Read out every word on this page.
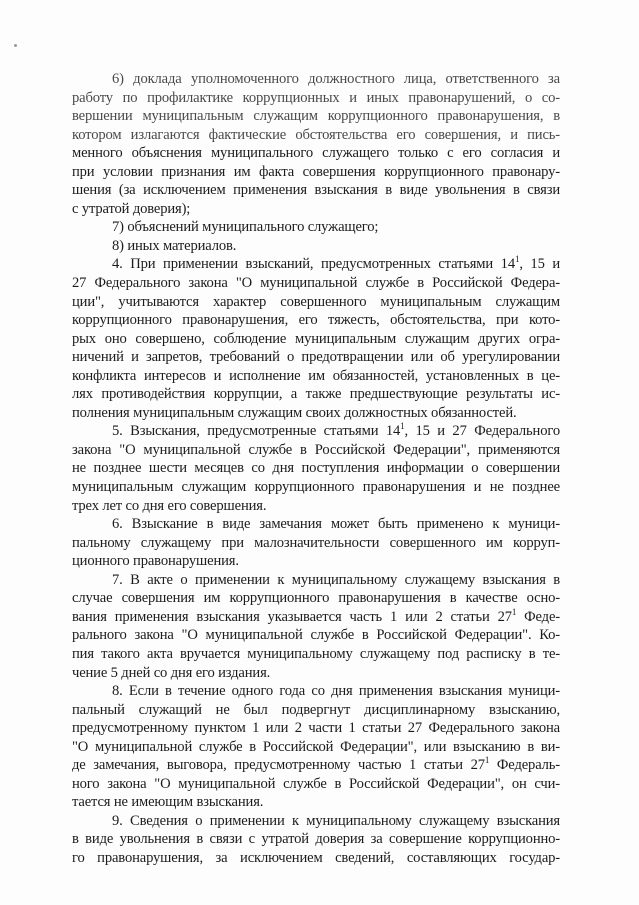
6) доклада уполномоченного должностного лица, ответственного за
работу по профилактике коррупционных и иных правонарушений, о со-
вершении муниципальным служащим коррупционного правонарушения, в
котором излагаются фактические обстоятельства его совершения, и пись-
менного объяснения муниципального служащего только с его согласия и
при условии признания им факта совершения коррупционного правонару-
шения (за исключением применения взыскания в виде увольнения в связи
с утратой доверия);
7) объяснений муниципального служащего;
8) иных материалов.
4. При применении взысканий, предусмотренных статьями $14^1$, 15 и
27 Федерального закона "О муниципальной службе в Российской Федера-
ции", учитываются характер совершенного муниципальным служащим
коррупционного правонарушения, его тяжесть, обстоятельства, при кото-
рых оно совершено, соблюдение муниципальным служащим других огра-
ничений и запретов, требований о предотвращении или об урегулировании
конфликта интересов и исполнение им обязанностей, установленных в це-
лях противодействия коррупции, а также предшествующие результаты ис-
полнения муниципальным служащим своих должностных обязанностей.
5. Взыскания, предусмотренные статьями $14^1$, 15 и 27 Федерального
закона "О муниципальной службе в Российской Федерации", применяются
не позднее шести месяцев со дня поступления информации о совершении
муниципальным служащим коррупционного правонарушения и не позднее
трех лет со дня его совершения.
6. Взыскание в виде замечания может быть применено к муници-
пальному служащему при малозначительности совершенного им корруп-
ционного правонарушения.
7. В акте о применении к муниципальному служащему взыскания в
случае совершения им коррупционного правонарушения в качестве осно-
вания применения взыскания указывается часть 1 или 2 статьи $27^1$ Феде-
рального закона "О муниципальной службе в Российской Федерации". Ко-
пия такого акта вручается муниципальному служащему под расписку в те-
чение 5 дней со дня его издания.
8. Если в течение одного года со дня применения взыскания муници-
пальный служащий не был подвергнут дисциплинарному взысканию,
предусмотренному пунктом 1 или 2 части 1 статьи 27 Федерального закона
"О муниципальной службе в Российской Федерации", или взысканию в ви-
де замечания, выговора, предусмотренному частью 1 статьи $27^1$ Федераль-
ного закона "О муниципальной службе в Российской Федерации", он счи-
тается не имеющим взыскания.
9. Сведения о применении к муниципальному служащему взыскания
в виде увольнения в связи с утратой доверия за совершение коррупционно-
го правонарушения, за исключением сведений, составляющих государ-
